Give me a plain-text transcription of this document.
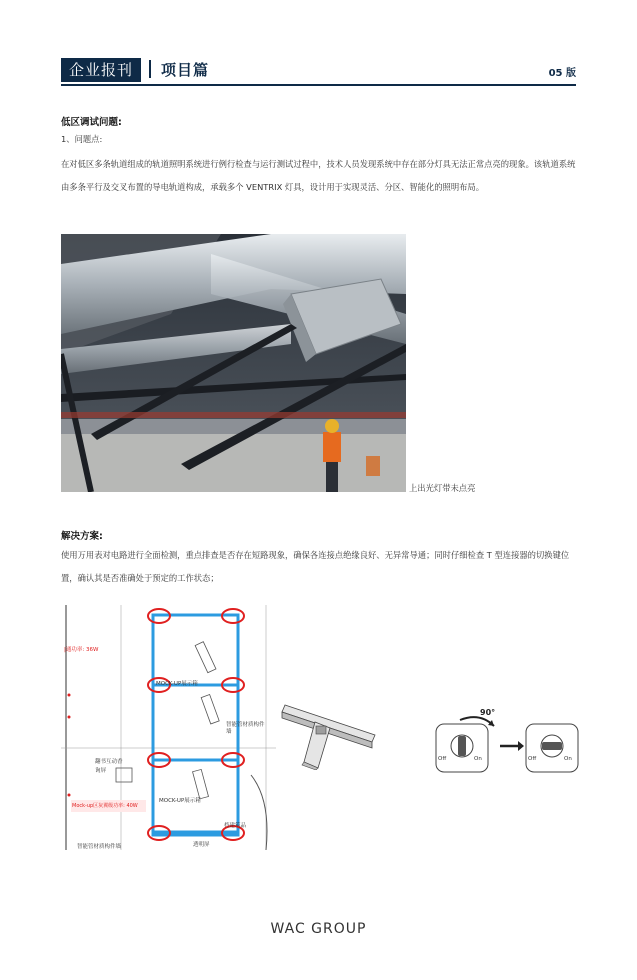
企业报刊	项目篇	05 版
低区调试问题:
1、问题点:
在对低区多条轨道组成的轨道照明系统进行例行检查与运行测试过程中，技术人员发现系统中存在部分灯具无法正常点亮的现象。该轨道系统由多条平行及交叉布置的导电轨道构成，承载多个 VENTRIX 灯具，设计用于实现灵活、分区、智能化的照明布局。
上出光灯带未点亮
解决方案:
使用万用表对电路进行全面检测，重点排查是否存在短路现象，确保各连接点绝缘良好、无异常导通；同时仔细检查 T 型连接器的切换键位置，确认其是否准确处于预定的工作状态；
|通功率: 36W
MOCK-UP展示箱
智能管材质构件墙
翻书互动香
询屏
MOCK-UP展示箱
Mock-up区灰翼级功率: 40W
档建筑品
智能管材质构件墙	透明屏
90°
Off	On	Off	On
WAC GROUP
